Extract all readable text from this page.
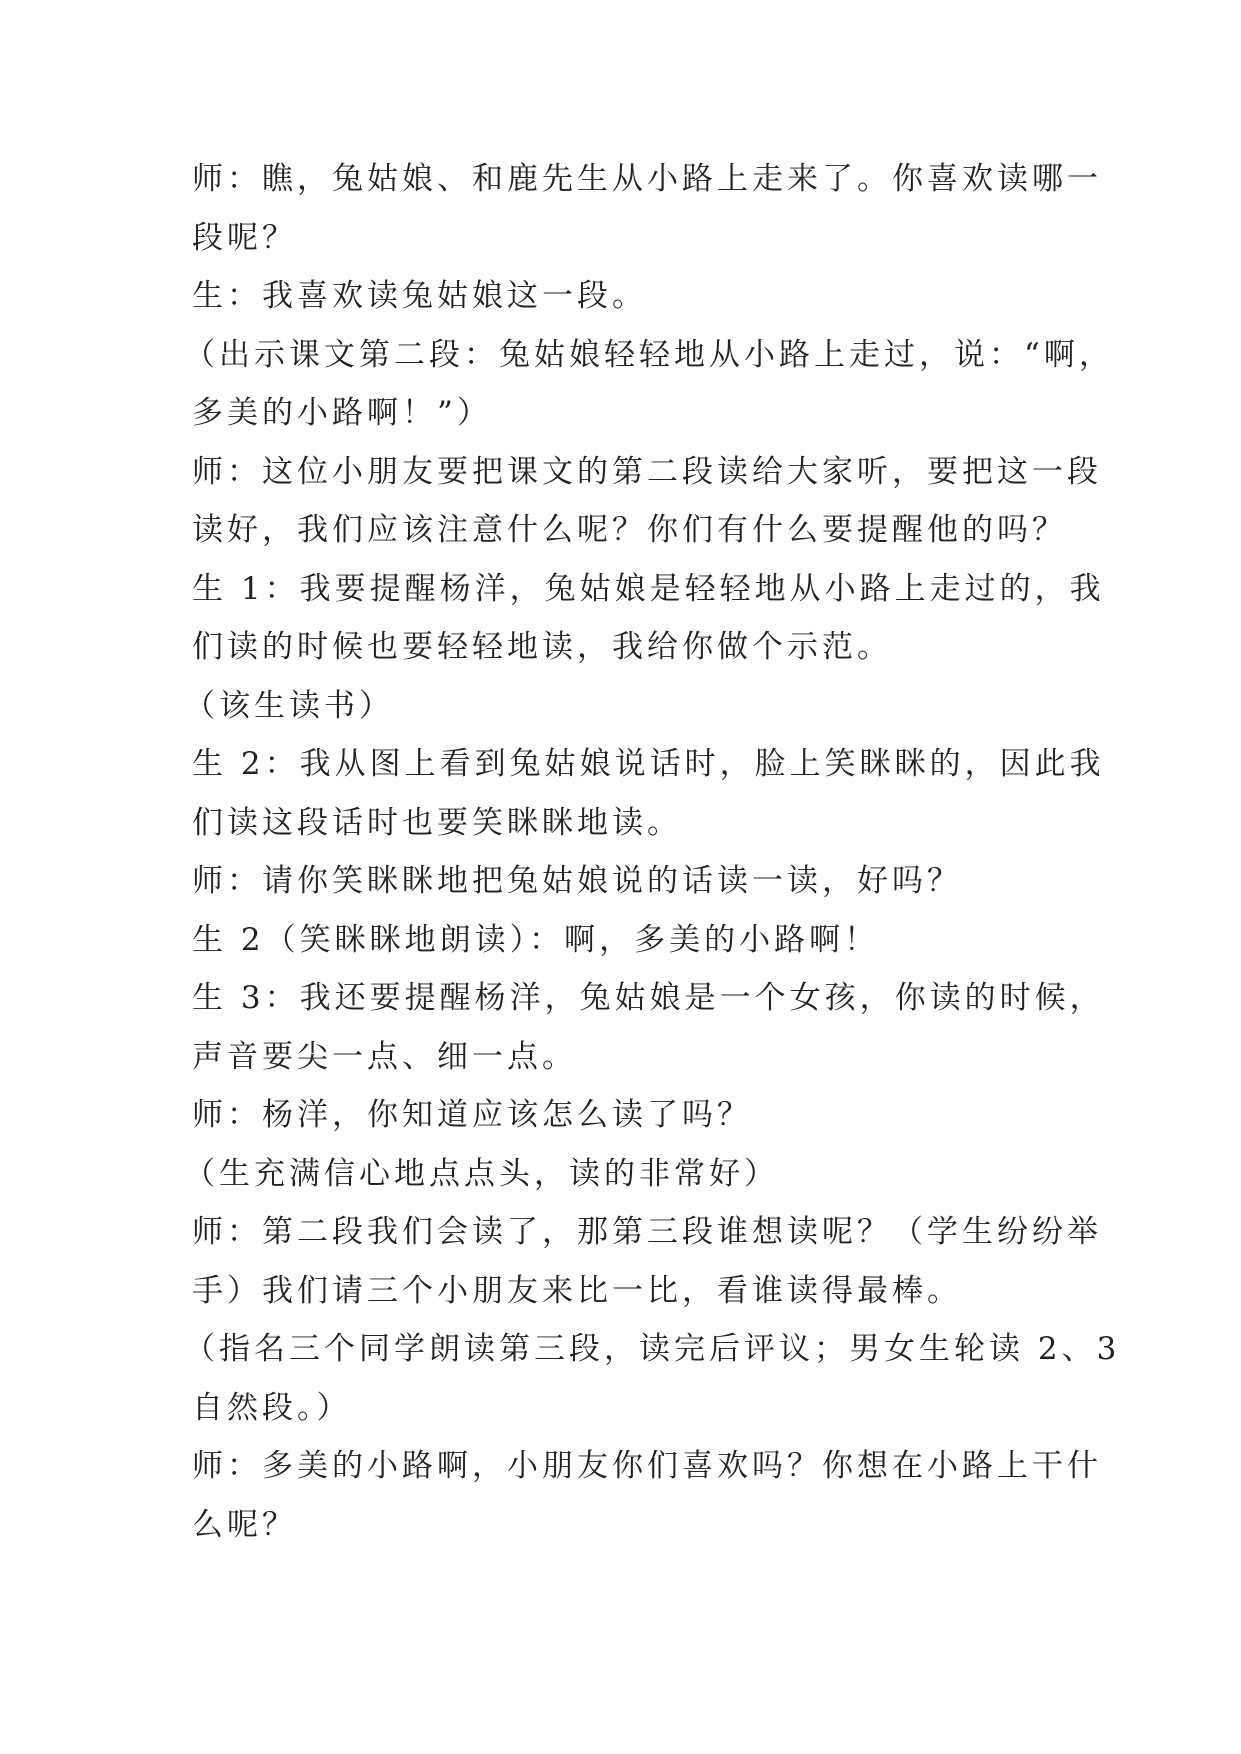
师：瞧，兔姑娘、和鹿先生从小路上走来了。你喜欢读哪一
段呢？
生：我喜欢读兔姑娘这一段。
（出示课文第二段：兔姑娘轻轻地从小路上走过，说：“啊，
多美的小路啊！”）
师：这位小朋友要把课文的第二段读给大家听，要把这一段
读好，我们应该注意什么呢？你们有什么要提醒他的吗？
生 1：我要提醒杨洋，兔姑娘是轻轻地从小路上走过的，我
们读的时候也要轻轻地读，我给你做个示范。
（该生读书）
生 2：我从图上看到兔姑娘说话时，脸上笑眯眯的，因此我
们读这段话时也要笑眯眯地读。
师：请你笑眯眯地把兔姑娘说的话读一读，好吗？
生 2（笑眯眯地朗读）：啊，多美的小路啊！
生 3：我还要提醒杨洋，兔姑娘是一个女孩，你读的时候，
声音要尖一点、细一点。
师：杨洋，你知道应该怎么读了吗？
（生充满信心地点点头，读的非常好）
师：第二段我们会读了，那第三段谁想读呢？（学生纷纷举
手）我们请三个小朋友来比一比，看谁读得最棒。
（指名三个同学朗读第三段，读完后评议；男女生轮读 2、3
自然段。）
师：多美的小路啊，小朋友你们喜欢吗？你想在小路上干什
么呢？
